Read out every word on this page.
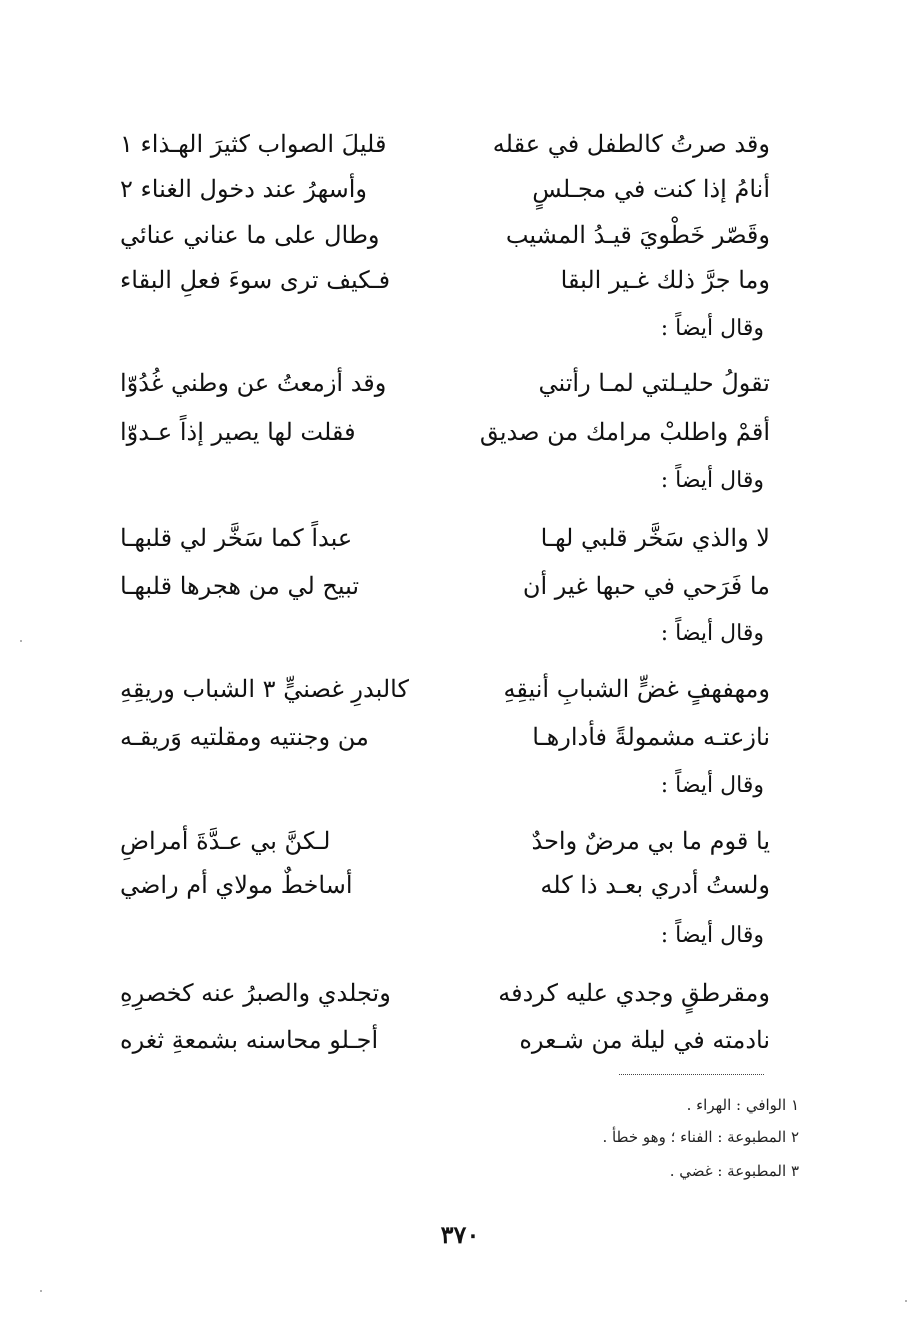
وقد صرتُ كالطفل في عقله
قليلَ الصواب كثيرَ الهـذاء ١
أنامُ إذا كنت في مجـلسٍ
وأسهرُ عند دخول الغناء ٢
وقَصّر خَطْويَ قيـدُ المشيب
وطال على ما عناني عنائي
وما جرَّ ذلك غـير البقا
فـكيف ترى سوءَ فعلِ البقاء
وقال أيضاً :
تقولُ حليـلتي لمـا رأتني
وقد أزمعتُ عن وطني غُدُوّا
أقمْ واطلبْ مرامك من صديق
فقلت لها يصير إذاً عـدوّا
وقال أيضاً :
لا والذي سَخَّر قلبي لهـا
عبداً كما سَخَّر لي قلبهـا
ما فَرَحي في حبها غير أن
تبيح لي من هجرها قلبهـا
وقال أيضاً :
ومهفهفٍ غضٍّ الشبابِ أنيقِهِ
كالبدرِ غصنيٍّ ٣ الشباب وريقِهِ
نازعتـه مشمولةً فأدارهـا
من وجنتيه ومقلتيه وَريقـه
وقال أيضاً :
يا قوم ما بي مرضٌ واحدٌ
لـكنَّ بي عـدَّةَ أمراضِ
ولستُ أدري بعـد ذا كله
أساخطٌ مولاي أم راضي
وقال أيضاً :
ومقرطقٍ وجدي عليه كردفه
وتجلدي والصبرُ عنه كخصرِهِ
نادمته في ليلة من شـعره
أجـلو محاسنه بشمعةِ ثغره
١ الوافي : الهراء .
٢ المطبوعة : الفناء ؛ وهو خطأ .
٣ المطبوعة : غضي .
٣٧٠
